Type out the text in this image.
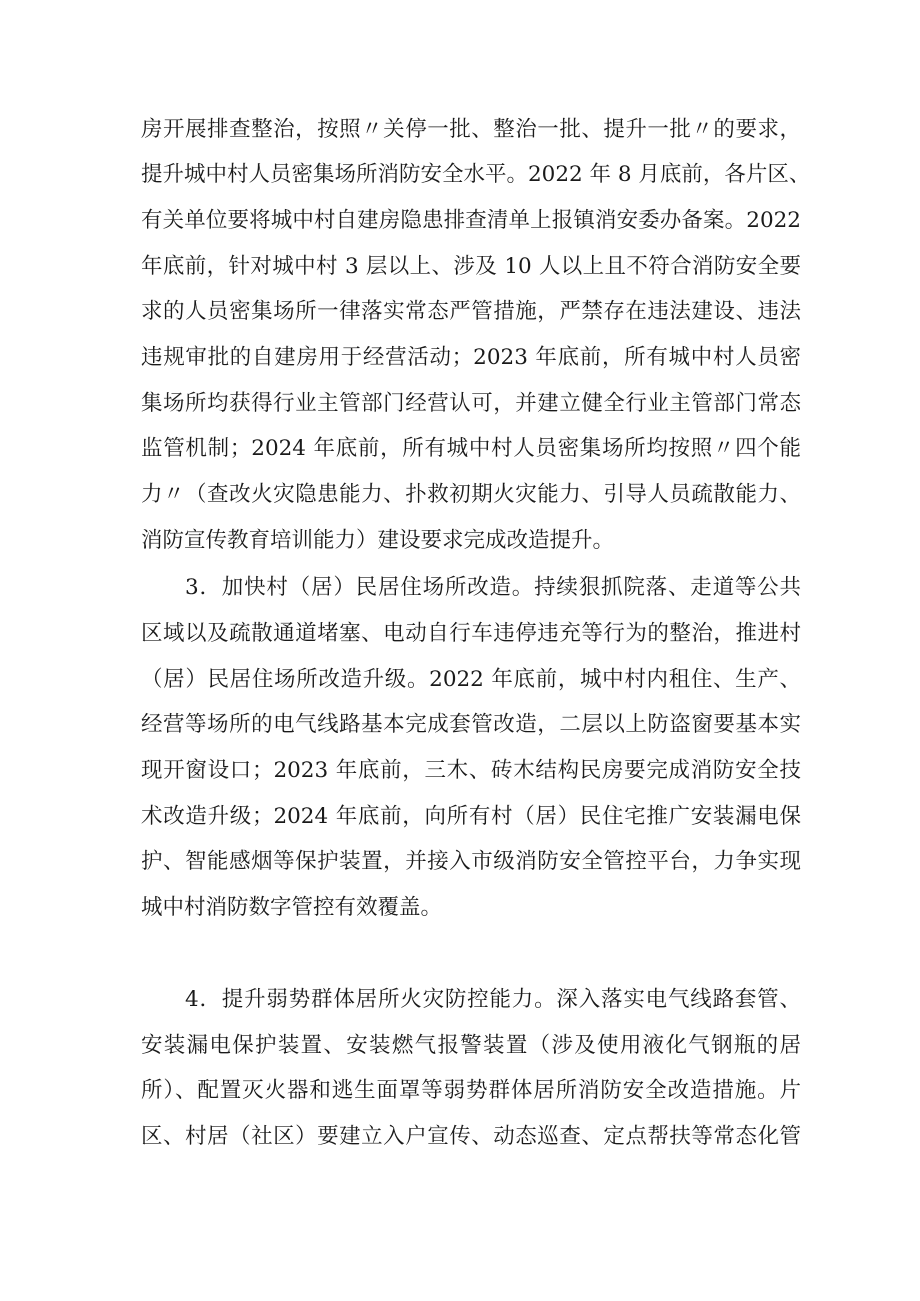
房开展排查整治，按照〃关停一批、整治一批、提升一批〃的要求，
提升城中村人员密集场所消防安全水平。2022 年 8 月底前，各片区、
有关单位要将城中村自建房隐患排查清单上报镇消安委办备案。2022
年底前，针对城中村 3 层以上、涉及 10 人以上且不符合消防安全要
求的人员密集场所一律落实常态严管措施，严禁存在违法建设、违法
违规审批的自建房用于经营活动；2023 年底前，所有城中村人员密
集场所均获得行业主管部门经营认可，并建立健全行业主管部门常态
监管机制；2024 年底前，所有城中村人员密集场所均按照〃四个能
力〃（查改火灾隐患能力、扑救初期火灾能力、引导人员疏散能力、
消防宣传教育培训能力）建设要求完成改造提升。
3．加快村（居）民居住场所改造。持续狠抓院落、走道等公共
区域以及疏散通道堵塞、电动自行车违停违充等行为的整治，推进村
（居）民居住场所改造升级。2022 年底前，城中村内租住、生产、
经营等场所的电气线路基本完成套管改造，二层以上防盗窗要基本实
现开窗设口；2023 年底前，三木、砖木结构民房要完成消防安全技
术改造升级；2024 年底前，向所有村（居）民住宅推广安装漏电保
护、智能感烟等保护装置，并接入市级消防安全管控平台，力争实现
城中村消防数字管控有效覆盖。
4．提升弱势群体居所火灾防控能力。深入落实电气线路套管、
安装漏电保护装置、安装燃气报警装置（涉及使用液化气钢瓶的居
所）、配置灭火器和逃生面罩等弱势群体居所消防安全改造措施。片
区、村居（社区）要建立入户宣传、动态巡查、定点帮扶等常态化管
